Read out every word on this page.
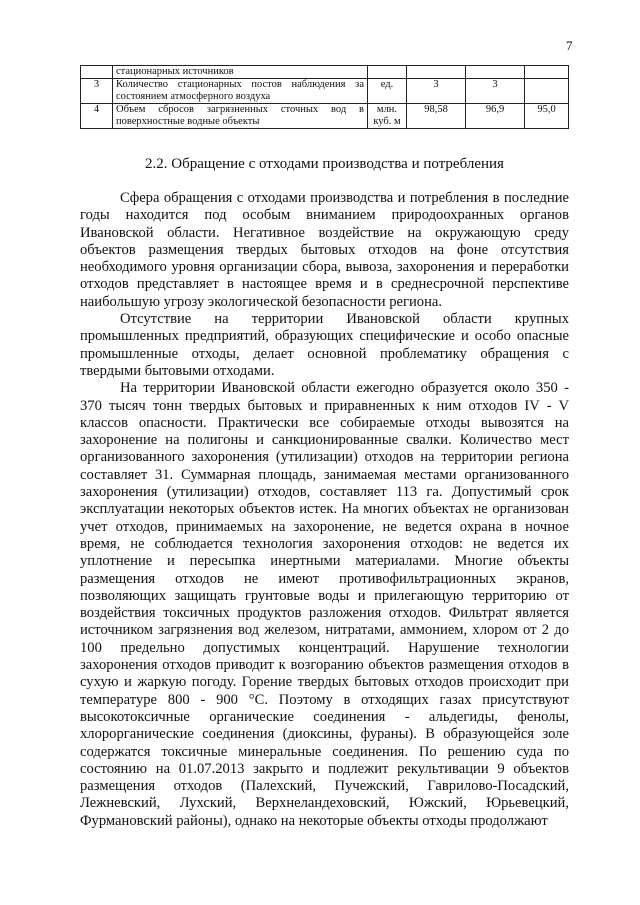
7
	стационарных источников				
3	Количество стационарных постов наблюдения за состоянием атмосферного воздуха	ед.	3	3	
4	Объем сбросов загрязненных сточных вод в поверхностные водные объекты	млн. куб. м	98,58	96,9	95,0
2.2. Обращение с отходами производства и потребления

Сфера обращения с отходами производства и потребления в последние годы находится под особым вниманием природоохранных органов Ивановской области. Негативное воздействие на окружающую среду объектов размещения твердых бытовых отходов на фоне отсутствия необходимого уровня организации сбора, вывоза, захоронения и переработки отходов представляет в настоящее время и в среднесрочной перспективе наибольшую угрозу экологической безопасности региона.

Отсутствие на территории Ивановской области крупных промышленных предприятий, образующих специфические и особо опасные промышленные отходы, делает основной проблематику обращения с твердыми бытовыми отходами.

На территории Ивановской области ежегодно образуется около 350 - 370 тысяч тонн твердых бытовых и приравненных к ним отходов IV - V классов опасности. Практически все собираемые отходы вывозятся на захоронение на полигоны и санкционированные свалки. Количество мест организованного захоронения (утилизации) отходов на территории региона составляет 31. Суммарная площадь, занимаемая местами организованного захоронения (утилизации) отходов, составляет 113 га. Допустимый срок эксплуатации некоторых объектов истек. На многих объектах не организован учет отходов, принимаемых на захоронение, не ведется охрана в ночное время, не соблюдается технология захоронения отходов: не ведется их уплотнение и пересыпка инертными материалами. Многие объекты размещения отходов не имеют противофильтрационных экранов, позволяющих защищать грунтовые воды и прилегающую территорию от воздействия токсичных продуктов разложения отходов. Фильтрат является источником загрязнения вод железом, нитратами, аммонием, хлором от 2 до 100 предельно допустимых концентраций. Нарушение технологии захоронения отходов приводит к возгоранию объектов размещения отходов в сухую и жаркую погоду. Горение твердых бытовых отходов происходит при температуре 800 - 900 °С. Поэтому в отходящих газах присутствуют высокотоксичные органические соединения - альдегиды, фенолы, хлорорганические соединения (диоксины, фураны). В образующейся золе содержатся токсичные минеральные соединения. По решению суда по состоянию на 01.07.2013 закрыто и подлежит рекультивации 9 объектов размещения отходов (Палехский, Пучежский, Гаврилово-Посадский, Лежневский, Лухский, Верхнеландеховский, Южский, Юрьевецкий, Фурмановский районы), однако на некоторые объекты отходы продолжают
